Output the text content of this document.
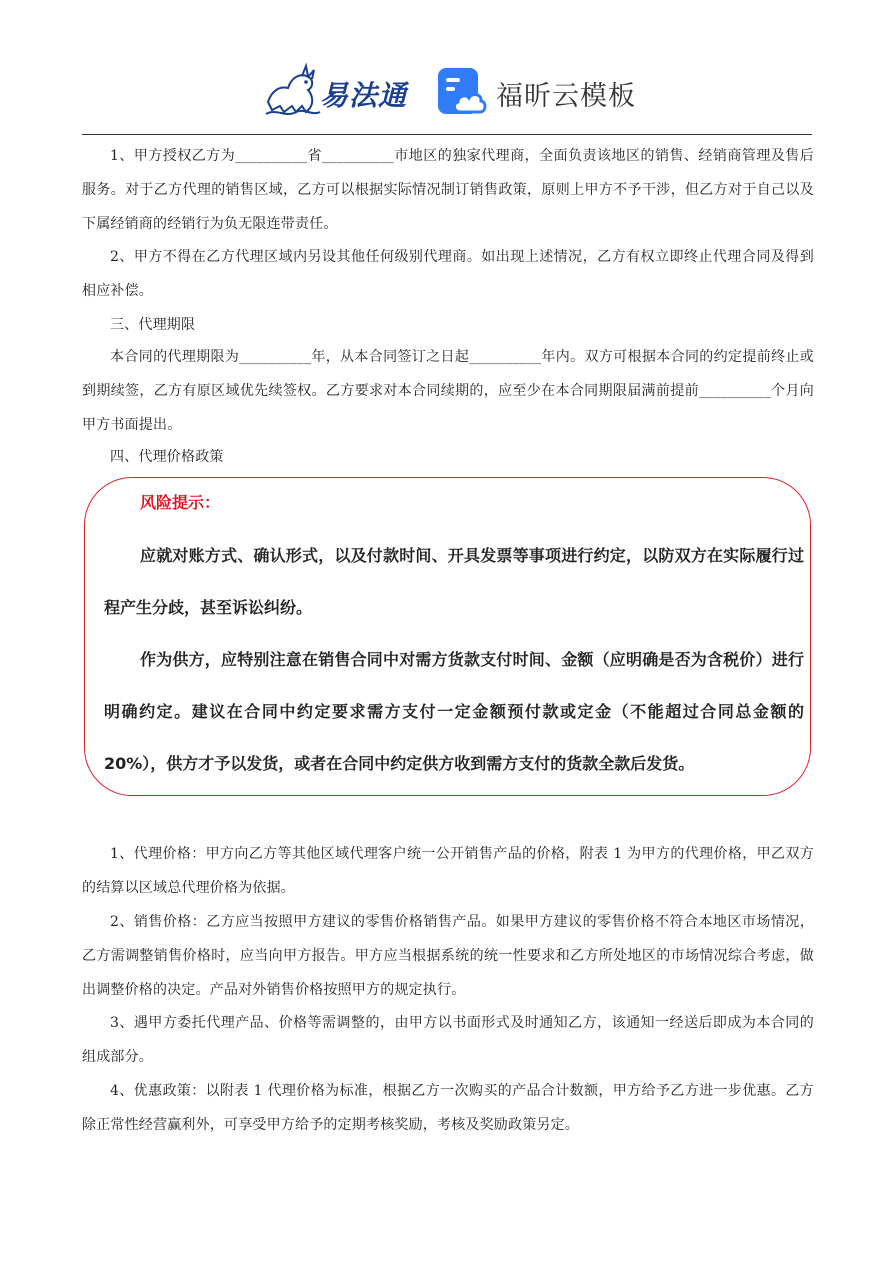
易法通	福昕云模板
1、甲方授权乙方为__________省__________市地区的独家代理商，全面负责该地区的销售、经销商管理及售后服务。对于乙方代理的销售区域，乙方可以根据实际情况制订销售政策，原则上甲方不予干涉，但乙方对于自己以及下属经销商的经销行为负无限连带责任。
2、甲方不得在乙方代理区域内另设其他任何级别代理商。如出现上述情况，乙方有权立即终止代理合同及得到相应补偿。
三、代理期限
本合同的代理期限为__________年，从本合同签订之日起__________年内。双方可根据本合同的约定提前终止或到期续签，乙方有原区域优先续签权。乙方要求对本合同续期的，应至少在本合同期限届满前提前__________个月向甲方书面提出。
四、代理价格政策
风险提示：
应就对账方式、确认形式，以及付款时间、开具发票等事项进行约定，以防双方在实际履行过程产生分歧，甚至诉讼纠纷。
作为供方，应特别注意在销售合同中对需方货款支付时间、金额（应明确是否为含税价）进行明确约定。建议在合同中约定要求需方支付一定金额预付款或定金（不能超过合同总金额的 20%），供方才予以发货，或者在合同中约定供方收到需方支付的货款全款后发货。
1、代理价格：甲方向乙方等其他区域代理客户统一公开销售产品的价格，附表 1 为甲方的代理价格，甲乙双方的结算以区域总代理价格为依据。
2、销售价格：乙方应当按照甲方建议的零售价格销售产品。如果甲方建议的零售价格不符合本地区市场情况，乙方需调整销售价格时，应当向甲方报告。甲方应当根据系统的统一性要求和乙方所处地区的市场情况综合考虑，做出调整价格的决定。产品对外销售价格按照甲方的规定执行。
3、遇甲方委托代理产品、价格等需调整的，由甲方以书面形式及时通知乙方，该通知一经送后即成为本合同的组成部分。
4、优惠政策：以附表 1 代理价格为标准，根据乙方一次购买的产品合计数额，甲方给予乙方进一步优惠。乙方除正常性经营赢利外，可享受甲方给予的定期考核奖励，考核及奖励政策另定。
